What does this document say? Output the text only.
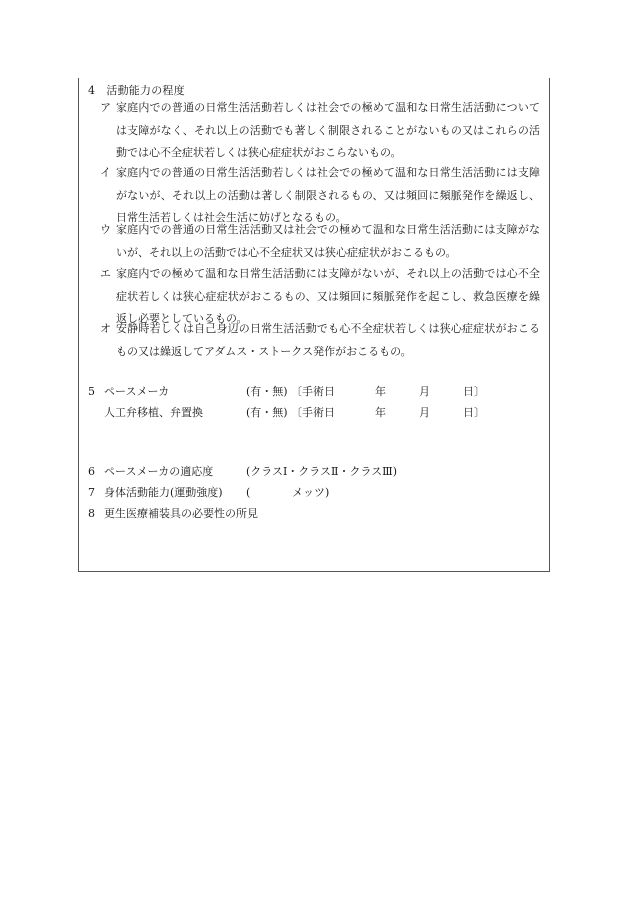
4　活動能力の程度
ア 家庭内での普通の日常生活活動若しくは社会での極めて温和な日常生活活動については支障がなく、それ以上の活動でも著しく制限されることがないもの又はこれらの活動では心不全症状若しくは狭心症症状がおこらないもの。
イ 家庭内での普通の日常生活活動若しくは社会での極めて温和な日常生活活動には支障がないが、それ以上の活動は著しく制限されるもの、又は頻回に頻脈発作を繰返し、日常生活若しくは社会生活に妨げとなるもの。
ウ 家庭内での普通の日常生活活動又は社会での極めて温和な日常生活活動には支障がないが、それ以上の活動では心不全症状又は狭心症症状がおこるもの。
エ 家庭内での極めて温和な日常生活活動には支障がないが、それ以上の活動では心不全症状若しくは狭心症症状がおこるもの、又は頻回に頻脈発作を起こし、救急医療を繰返し必要としているもの。
オ 安静時若しくは自己身辺の日常生活活動でも心不全症状若しくは狭心症症状がおこるもの又は繰返してアダムス・ストークス発作がおこるもの。
5 ペースメーカ	(有・無) 〔手術日	年	月	日〕
人工弁移植、弁置換	(有・無) 〔手術日	年	月	日〕
6 ペースメーカの適応度	(クラスⅠ・クラスⅡ・クラスⅢ)
7 身体活動能力(運動強度) (	メッツ)
8 更生医療補装具の必要性の所見
